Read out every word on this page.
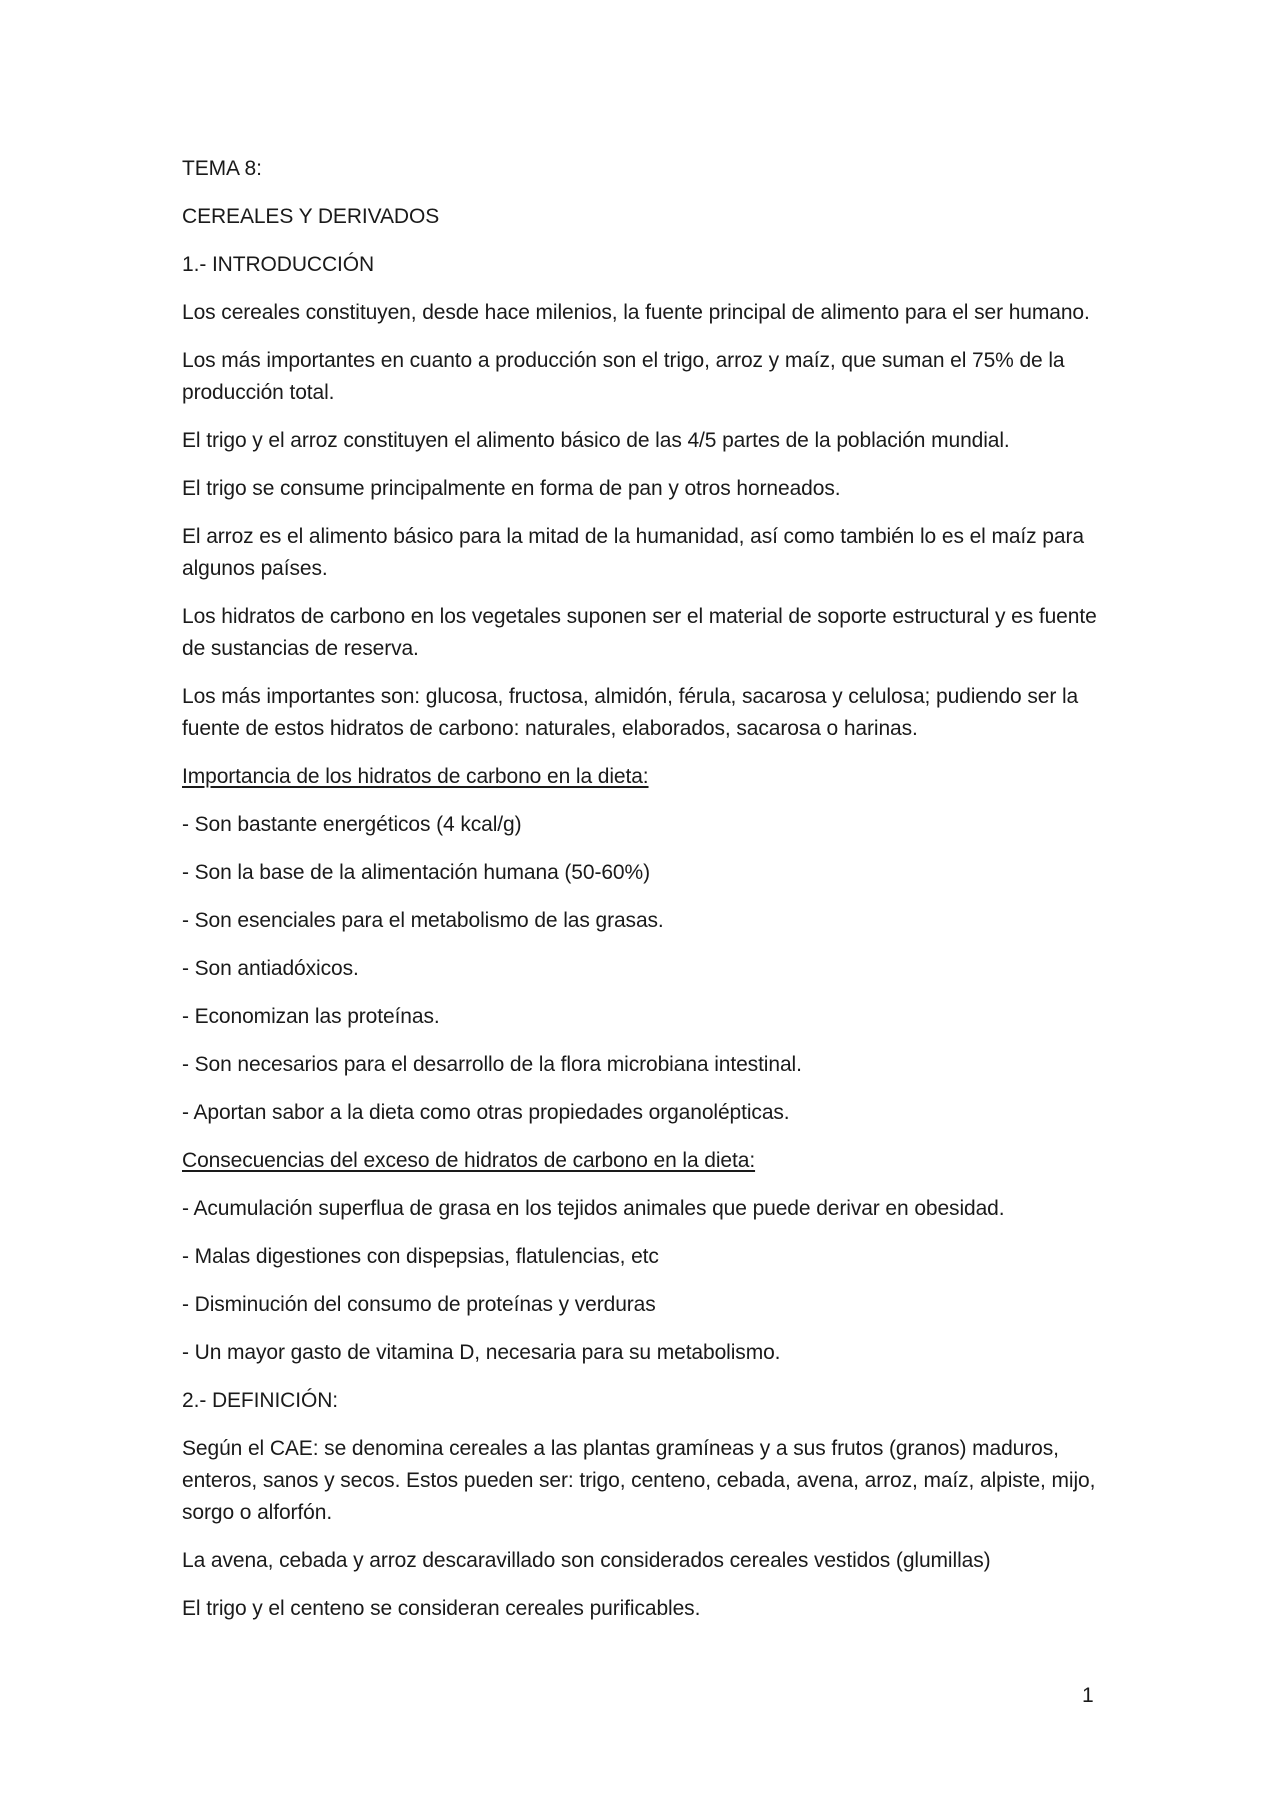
TEMA 8:

CEREALES Y DERIVADOS

1.- INTRODUCCIÓN

Los cereales constituyen, desde hace milenios, la fuente principal de alimento para el ser humano.

Los más importantes en cuanto a producción son el trigo, arroz y maíz, que suman el 75% de la producción total.

El trigo y el arroz constituyen el alimento básico de las 4/5 partes de la población mundial.

El trigo se consume principalmente en forma de pan y otros horneados.

El arroz es el alimento básico para la mitad de la humanidad, así como también lo es el maíz para algunos países.

Los hidratos de carbono en los vegetales suponen ser el material de soporte estructural y es fuente de sustancias de reserva.

Los más importantes son: glucosa, fructosa, almidón, férula, sacarosa y celulosa; pudiendo ser la fuente de estos hidratos de carbono: naturales, elaborados, sacarosa o harinas.

Importancia de los hidratos de carbono en la dieta:

- Son bastante energéticos (4 kcal/g)

- Son la base de la alimentación humana (50-60%)

- Son esenciales para el metabolismo de las grasas.

- Son antiadóxicos.

- Economizan las proteínas.

- Son necesarios para el desarrollo de la flora microbiana intestinal.

- Aportan sabor a la dieta como otras propiedades organolépticas.

Consecuencias del exceso de hidratos de carbono en la dieta:

- Acumulación superflua de grasa en los tejidos animales que puede derivar en obesidad.

- Malas digestiones con dispepsias, flatulencias, etc

- Disminución del consumo de proteínas y verduras

- Un mayor gasto de vitamina D, necesaria para su metabolismo.

2.- DEFINICIÓN:

Según el CAE: se denomina cereales a las plantas gramíneas y a sus frutos (granos) maduros, enteros, sanos y secos. Estos pueden ser: trigo, centeno, cebada, avena, arroz, maíz, alpiste, mijo, sorgo o alforfón.

La avena, cebada y arroz descaravillado son considerados cereales vestidos (glumillas)

El trigo y el centeno se consideran cereales purificables.

1
